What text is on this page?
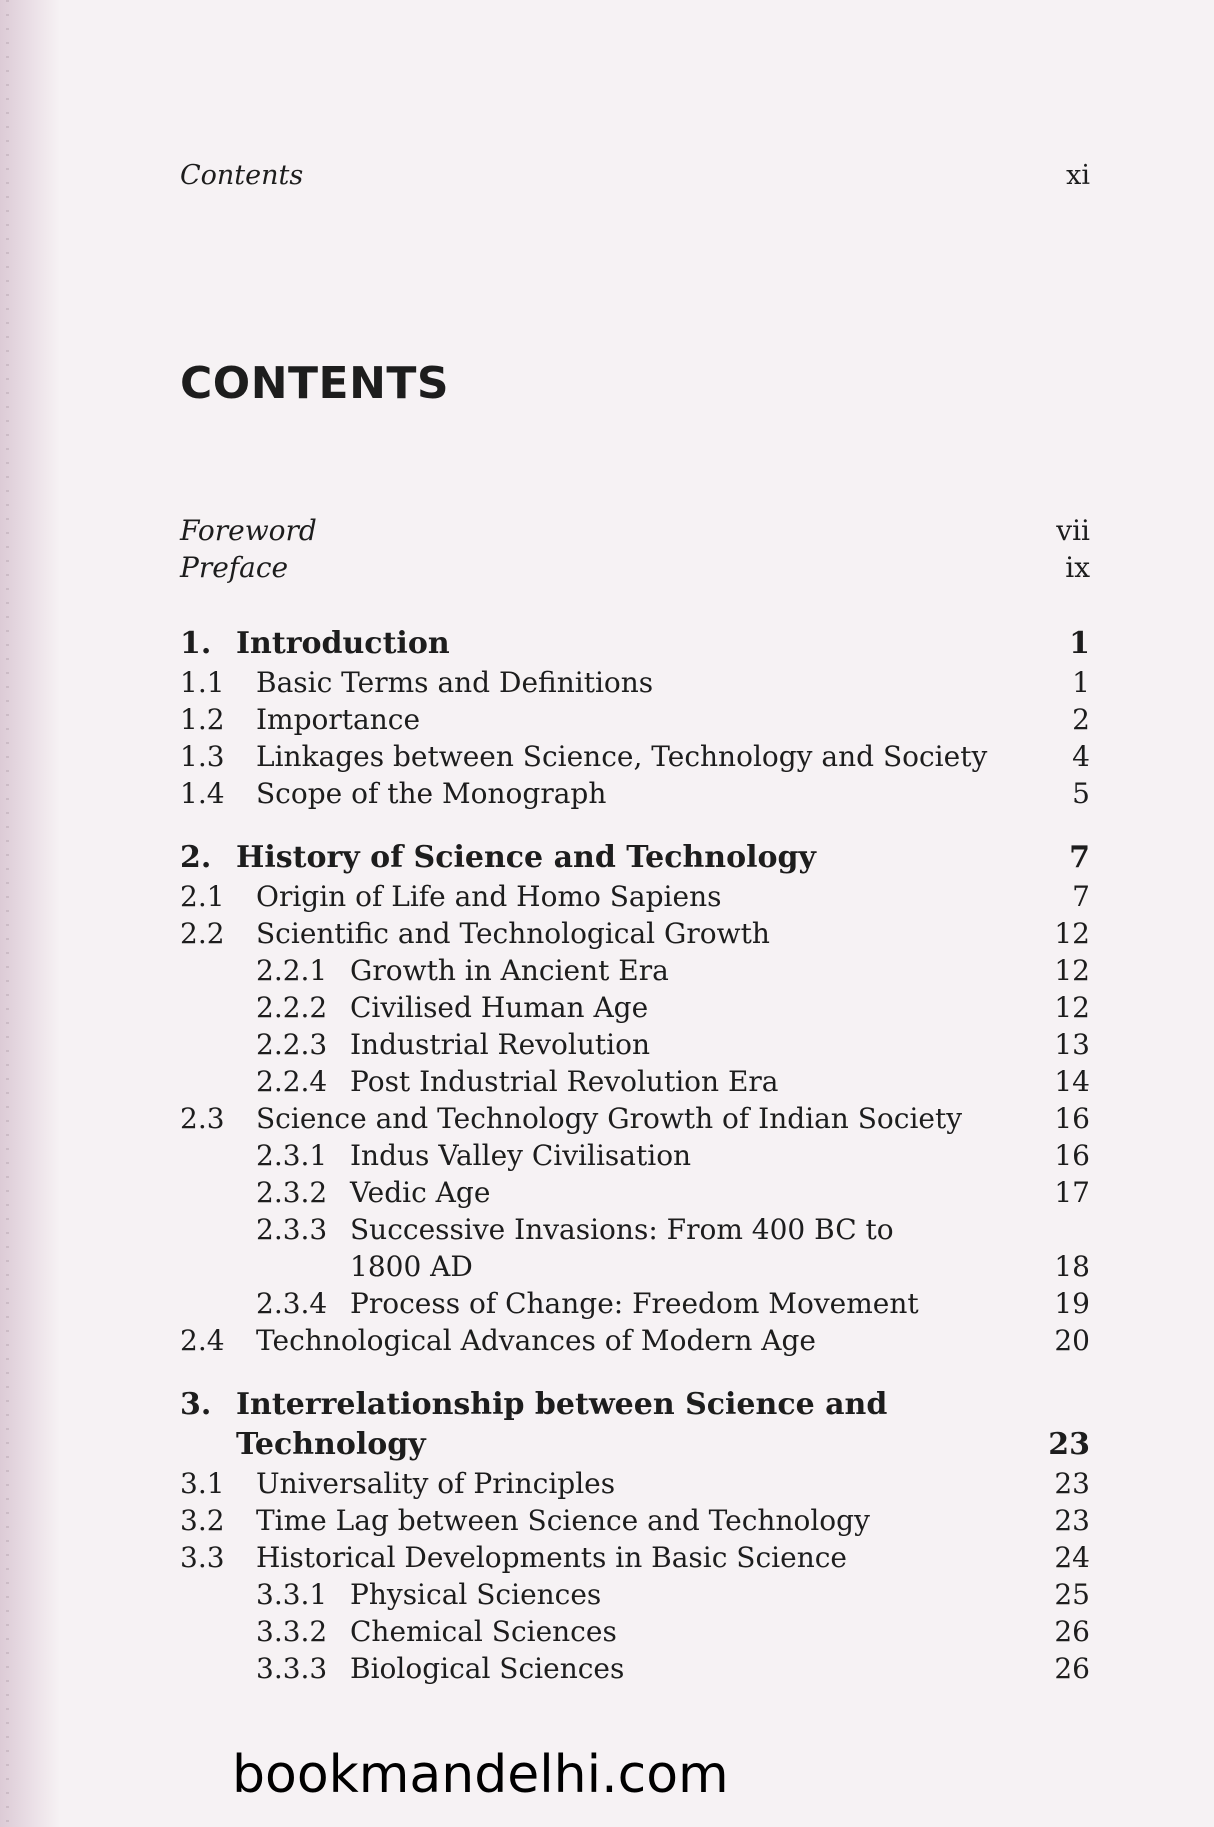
Contents	xi
CONTENTS
Foreword	vii
Preface	ix
1. Introduction	1
1.1	Basic Terms and Definitions	1
1.2	Importance	2
1.3	Linkages between Science, Technology and Society	4
1.4	Scope of the Monograph	5
2. History of Science and Technology	7
2.1	Origin of Life and Homo Sapiens	7
2.2	Scientific and Technological Growth	12
2.2.1 Growth in Ancient Era	12
2.2.2 Civilised Human Age	12
2.2.3 Industrial Revolution	13
2.2.4 Post Industrial Revolution Era	14
2.3	Science and Technology Growth of Indian Society	16
2.3.1 Indus Valley Civilisation	16
2.3.2 Vedic Age	17
2.3.3 Successive Invasions: From 400 BC to
1800 AD	18
2.3.4 Process of Change: Freedom Movement	19
2.4	Technological Advances of Modern Age	20
3. Interrelationship between Science and
Technology	23
3.1	Universality of Principles	23
3.2	Time Lag between Science and Technology	23
3.3	Historical Developments in Basic Science	24
3.3.1 Physical Sciences	25
3.3.2 Chemical Sciences	26
3.3.3 Biological Sciences	26
bookmandelhi.com
